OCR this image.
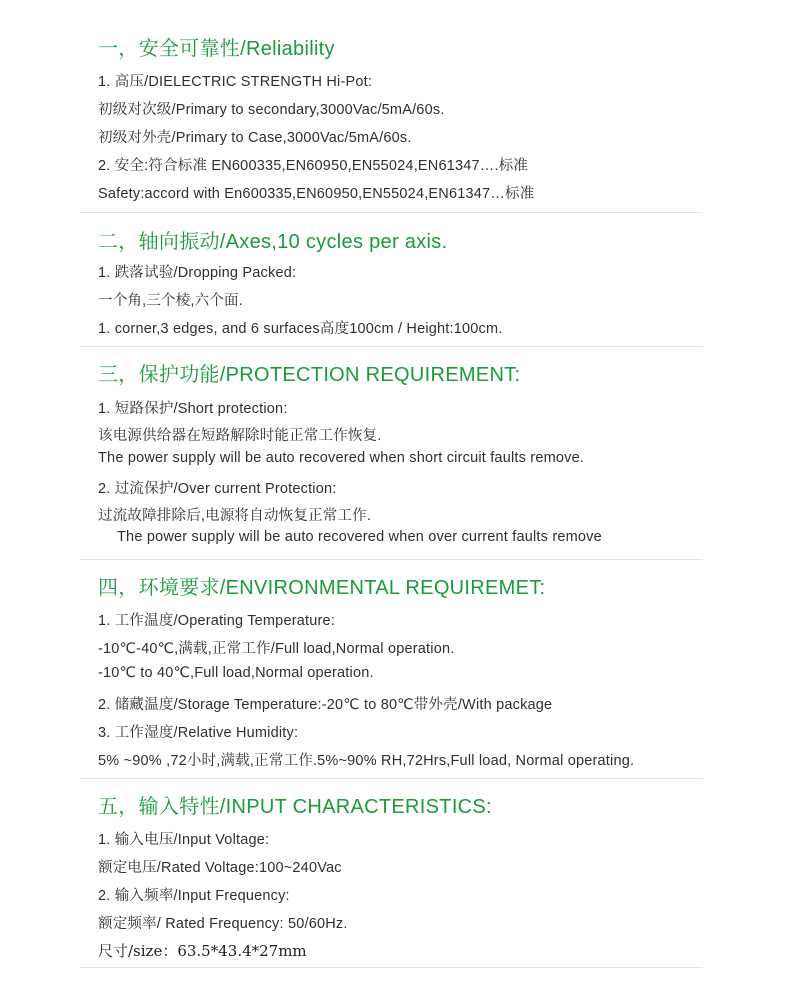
一，安全可靠性/Reliability
1. 高压/DIELECTRIC STRENGTH Hi-Pot:
初级对次级/Primary to secondary,3000Vac/5mA/60s.
初级对外壳/Primary to Case,3000Vac/5mA/60s.
2. 安全:符合标准 EN600335,EN60950,EN55024,EN61347….标准
Safety:accord with En600335,EN60950,EN55024,EN61347…标准
二，轴向振动/Axes,10 cycles per axis.
1. 跌落试验/Dropping Packed:
一个角,三个棱,六个面.
1. corner,3 edges, and 6 surfaces高度100cm / Height:100cm.
三，保护功能/PROTECTION REQUIREMENT:
1. 短路保护/Short protection:
该电源供给器在短路解除时能正常工作恢复.
The power supply will be auto recovered when short circuit faults remove.
2. 过流保护/Over current Protection:
过流故障排除后,电源将自动恢复正常工作.
The power supply will be auto recovered when over current faults remove
四，环境要求/ENVIRONMENTAL REQUIREMET:
1. 工作温度/Operating Temperature:
-10℃-40℃,满载,正常工作/Full load,Normal operation.
-10℃ to 40℃,Full load,Normal operation.
2. 储藏温度/Storage Temperature:-20℃ to 80℃带外壳/With package
3. 工作湿度/Relative Humidity:
5% ~90% ,72小时,满载,正常工作.5%~90% RH,72Hrs,Full load, Normal operating.
五，输入特性/INPUT CHARACTERISTICS:
1. 输入电压/Input Voltage:
额定电压/Rated Voltage:100~240Vac
2. 输入频率/Input Frequency:
额定频率/ Rated Frequency: 50/60Hz.
尺寸/size：63.5*43.4*27mm
